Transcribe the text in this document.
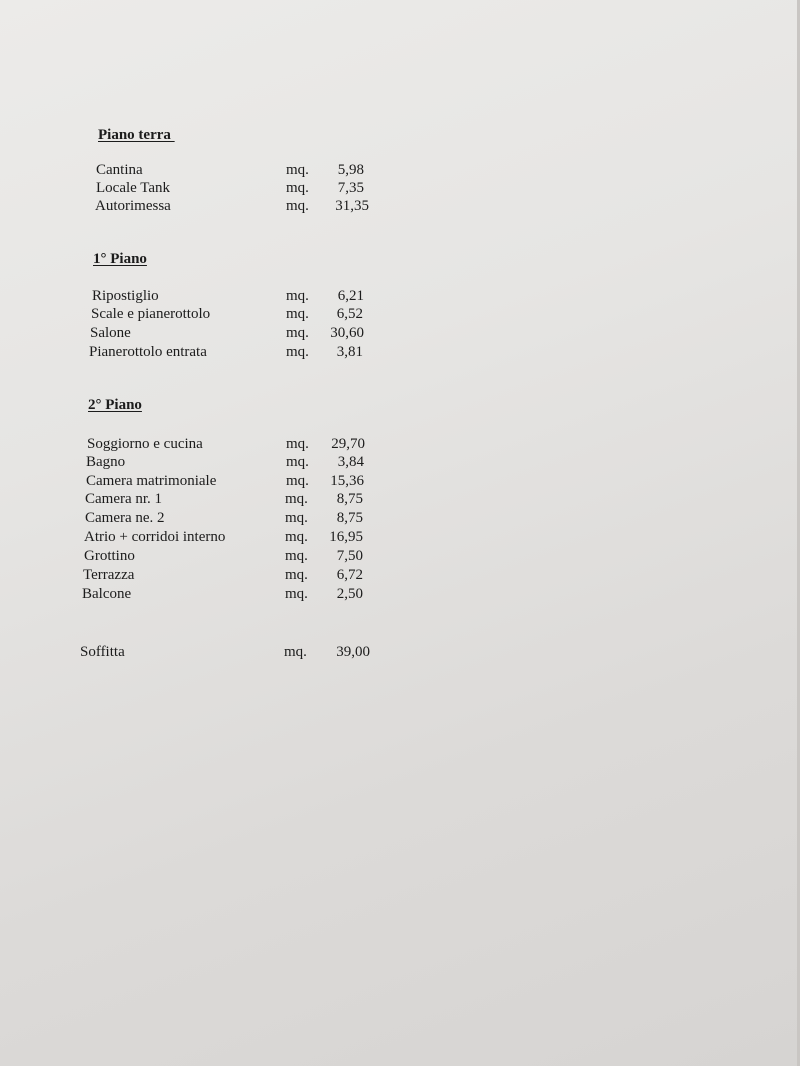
Piano terra
Cantina	mq.	5,98
Locale Tank	mq.	7,35
Autorimessa	mq.	31,35
1° Piano
Ripostiglio	mq.	6,21
Scale e pianerottolo	mq.	6,52
Salone	mq.	30,60
Pianerottolo entrata	mq.	3,81
2° Piano
Soggiorno e cucina	mq.	29,70
Bagno	mq.	3,84
Camera matrimoniale	mq.	15,36
Camera nr. 1	mq.	8,75
Camera ne. 2	mq.	8,75
Atrio + corridoi interno	mq.	16,95
Grottino	mq.	7,50
Terrazza	mq.	6,72
Balcone	mq.	2,50
Soffitta	mq.	39,00
